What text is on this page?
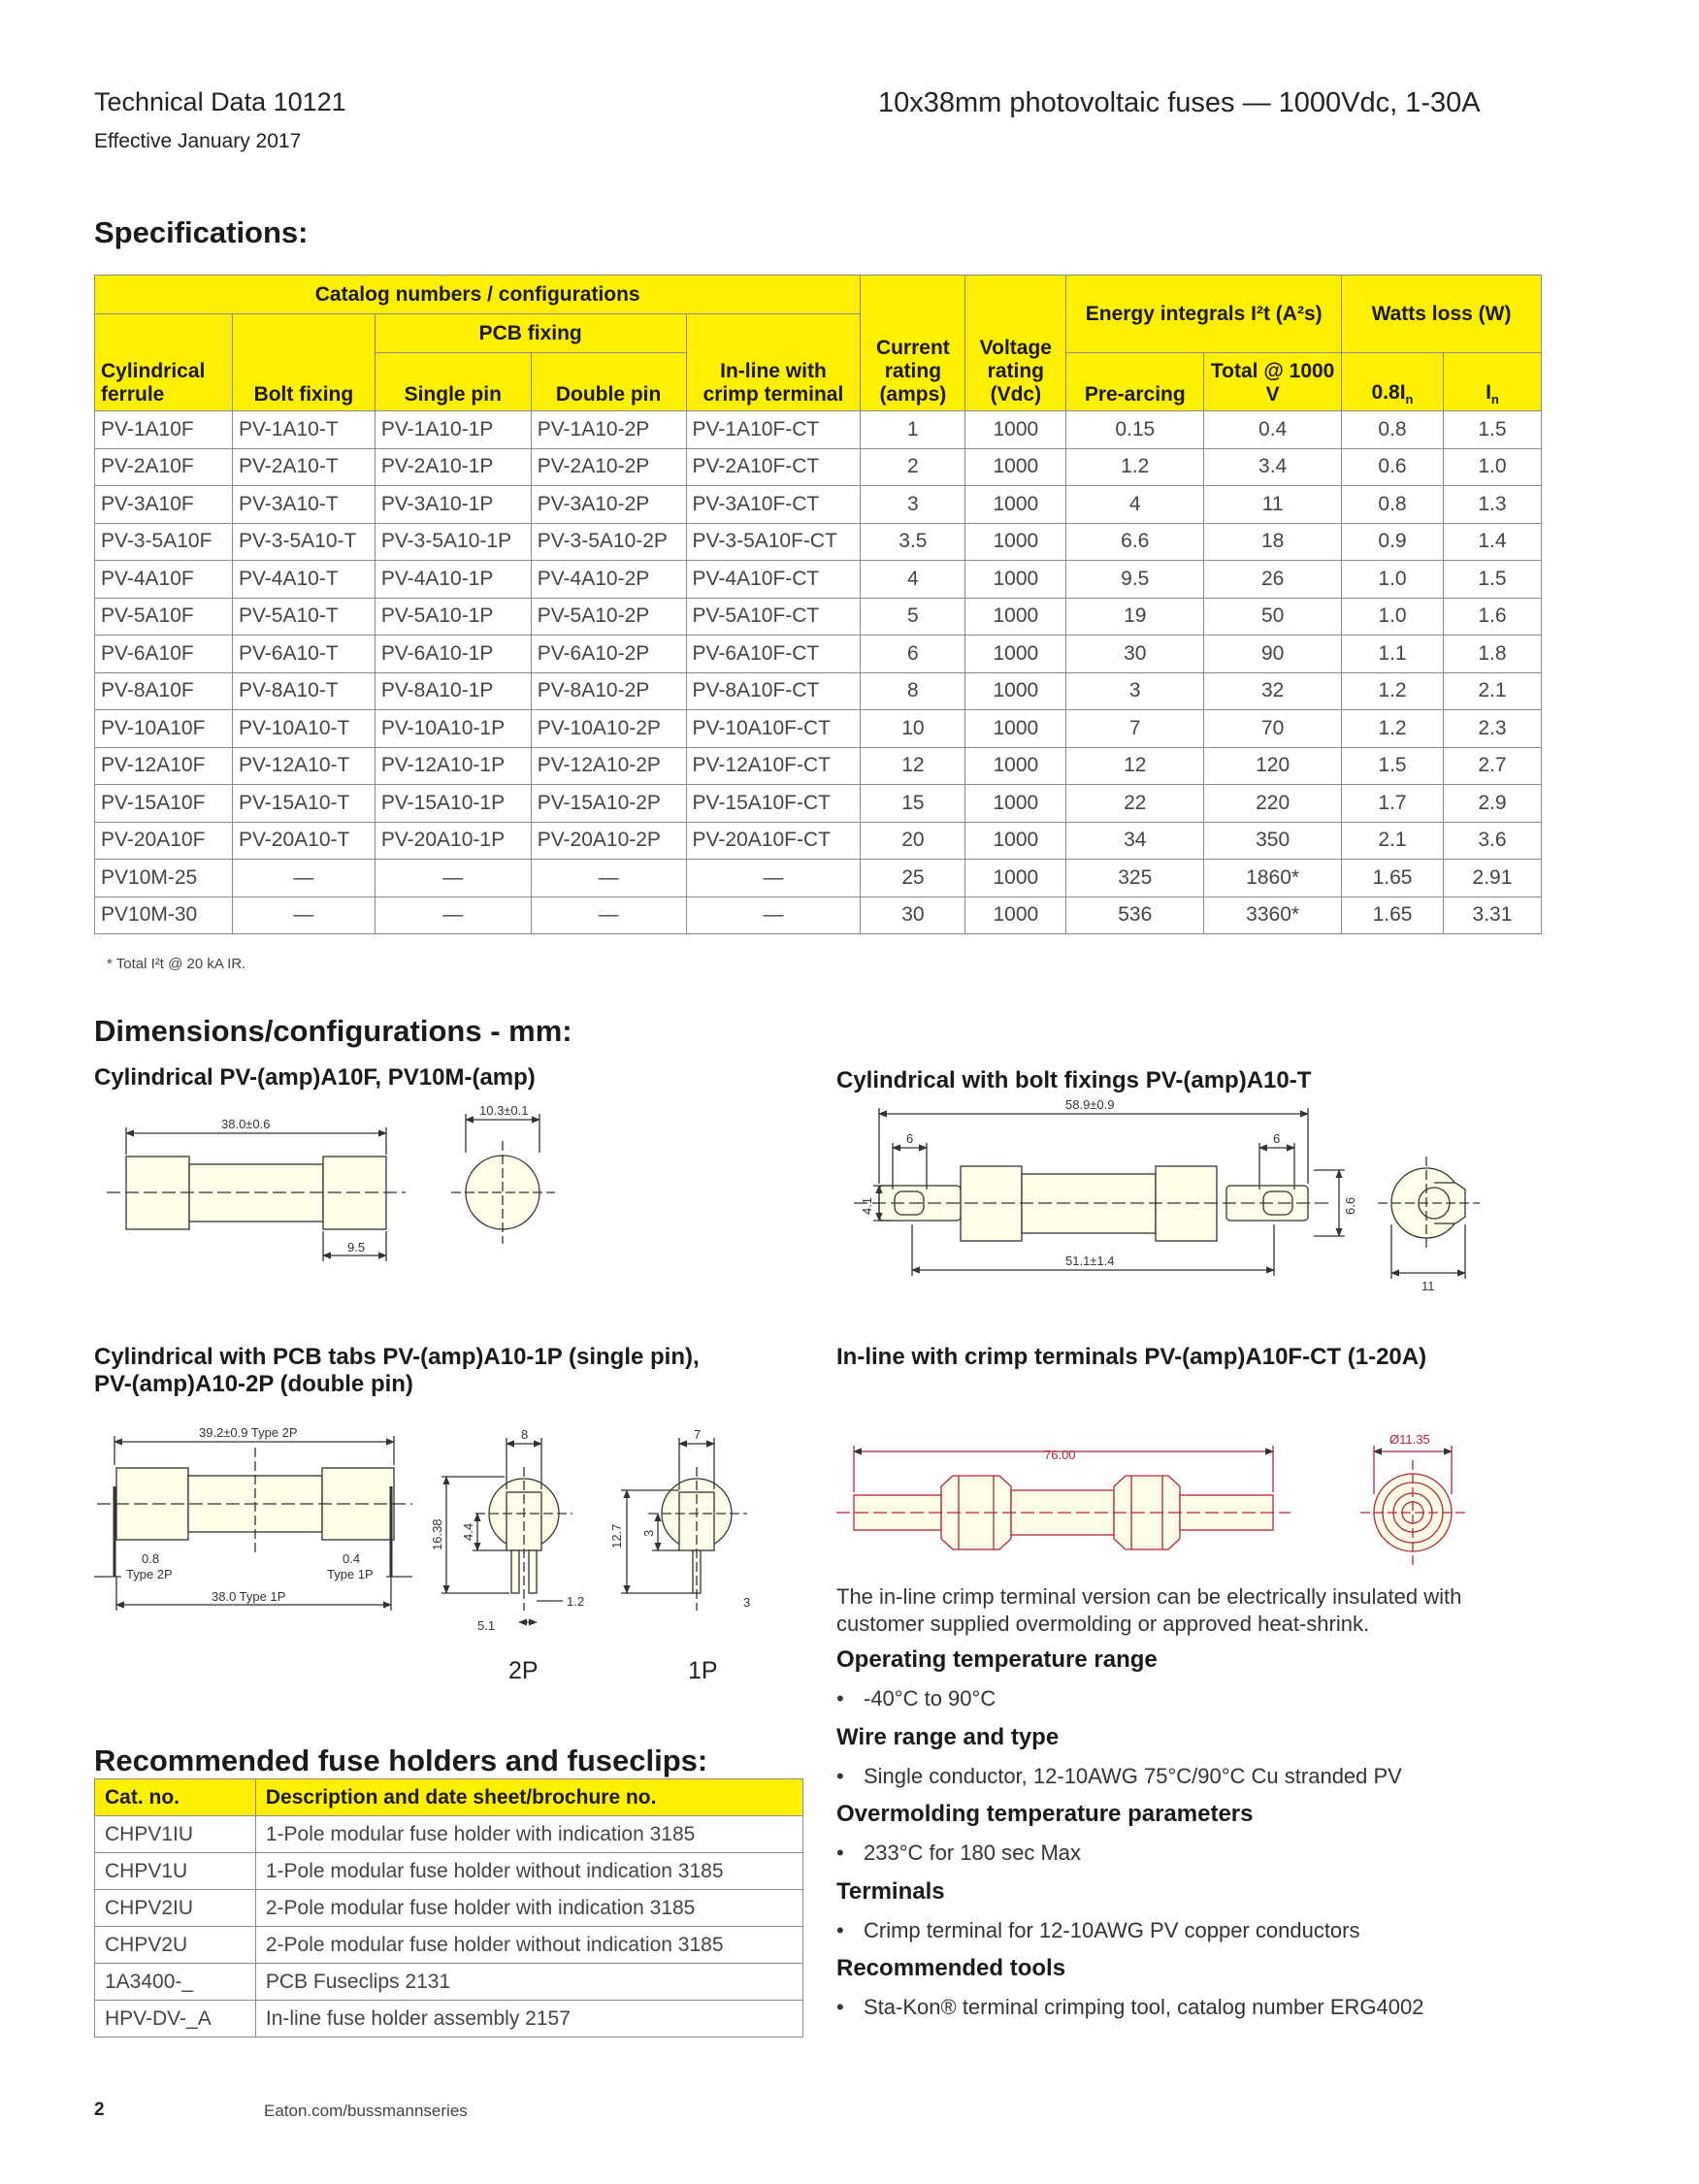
Technical Data 10121
Effective January 2017
10x38mm photovoltaic fuses — 1000Vdc, 1-30A
Specifications:
Catalog numbers / configurations					Current rating (amps)	Voltage rating (Vdc)	Energy integrals I²t (A²s)		Watts loss (W)	
Cylindrical ferrule	Bolt fixing	PCB fixing		In-line with crimp terminal						
		Single pin	Double pin				Pre-arcing	Total @ 1000 V	$0.8I_n$	$I_n$
PV-1A10F	PV-1A10-T	PV-1A10-1P	PV-1A10-2P	PV-1A10F-CT	1	1000	0.15	0.4	0.8	1.5
PV-2A10F	PV-2A10-T	PV-2A10-1P	PV-2A10-2P	PV-2A10F-CT	2	1000	1.2	3.4	0.6	1.0
PV-3A10F	PV-3A10-T	PV-3A10-1P	PV-3A10-2P	PV-3A10F-CT	3	1000	4	11	0.8	1.3
PV-3-5A10F	PV-3-5A10-T	PV-3-5A10-1P	PV-3-5A10-2P	PV-3-5A10F-CT	3.5	1000	6.6	18	0.9	1.4
PV-4A10F	PV-4A10-T	PV-4A10-1P	PV-4A10-2P	PV-4A10F-CT	4	1000	9.5	26	1.0	1.5
PV-5A10F	PV-5A10-T	PV-5A10-1P	PV-5A10-2P	PV-5A10F-CT	5	1000	19	50	1.0	1.6
PV-6A10F	PV-6A10-T	PV-6A10-1P	PV-6A10-2P	PV-6A10F-CT	6	1000	30	90	1.1	1.8
PV-8A10F	PV-8A10-T	PV-8A10-1P	PV-8A10-2P	PV-8A10F-CT	8	1000	3	32	1.2	2.1
PV-10A10F	PV-10A10-T	PV-10A10-1P	PV-10A10-2P	PV-10A10F-CT	10	1000	7	70	1.2	2.3
PV-12A10F	PV-12A10-T	PV-12A10-1P	PV-12A10-2P	PV-12A10F-CT	12	1000	12	120	1.5	2.7
PV-15A10F	PV-15A10-T	PV-15A10-1P	PV-15A10-2P	PV-15A10F-CT	15	1000	22	220	1.7	2.9
PV-20A10F	PV-20A10-T	PV-20A10-1P	PV-20A10-2P	PV-20A10F-CT	20	1000	34	350	2.1	3.6
PV10M-25	—	—	—	—	25	1000	325	1860*	1.65	2.91
PV10M-30	—	—	—	—	30	1000	536	3360*	1.65	3.31
* Total I²t @ 20 kA IR.
Dimensions/configurations - mm:
Cylindrical PV-(amp)A10F, PV10M-(amp)	Cylindrical with bolt fixings PV-(amp)A10-T
Cylindrical with PCB tabs PV-(amp)A10-1P (single pin),
PV-(amp)A10-2P (double pin)
In-line with crimp terminals PV-(amp)A10F-CT (1-20A)
38.0±0.6
10.3±0.1
9.5
58.9±0.9
51.1±1.4
6	6
4.1	6.6
11
39.2±0.9 Type 2P
38.0 Type 1P
0.8
Type 2P
0.4
Type 1P
8
16.38 4.4
1.2
5.1
7
12.7 3
3
76.00
Ø11.35
2P	1P
The in-line crimp terminal version can be electrically insulated with customer supplied overmolding or approved heat-shrink.
Operating temperature range
• -40°C to 90°C
Wire range and type
• Single conductor, 12-10AWG 75°C/90°C Cu stranded PV
Overmolding temperature parameters
• 233°C for 180 sec Max
Terminals
• Crimp terminal for 12-10AWG PV copper conductors
Recommended tools
• Sta-Kon® terminal crimping tool, catalog number ERG4002
Recommended fuse holders and fuseclips:
Cat. no.	Description and date sheet/brochure no.
CHPV1IU	1-Pole modular fuse holder with indication 3185
CHPV1U	1-Pole modular fuse holder without indication 3185
CHPV2IU	2-Pole modular fuse holder with indication 3185
CHPV2U	2-Pole modular fuse holder without indication 3185
1A3400-_	PCB Fuseclips 2131
HPV-DV-_A	In-line fuse holder assembly 2157
2	Eaton.com/bussmannseries
